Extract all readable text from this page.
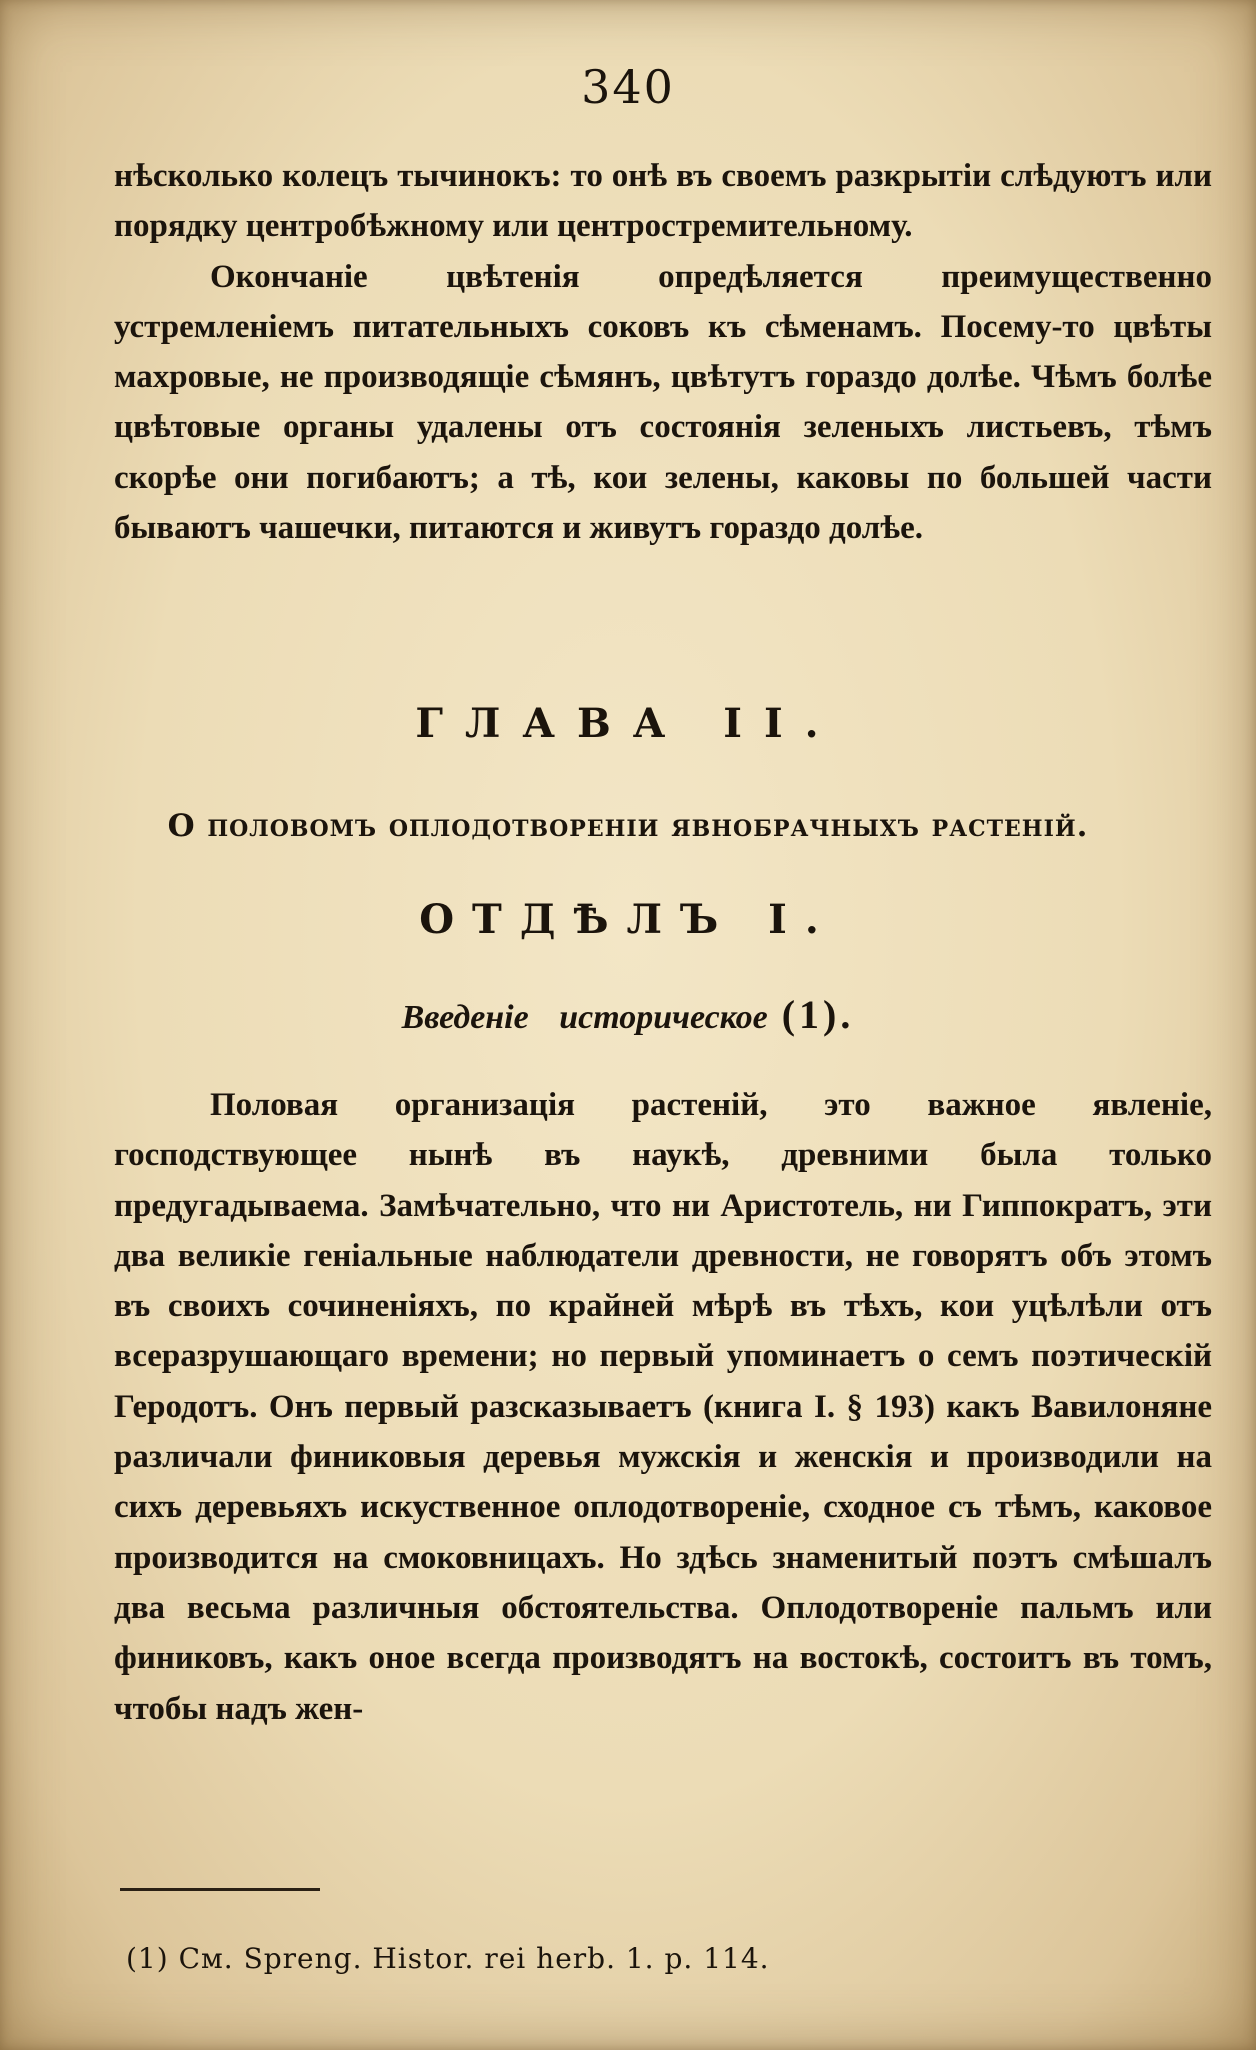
340

нѣсколько колецъ тычинокъ: то онѣ въ своемъ разкрытіи слѣдуютъ или порядку центробѣжному или центростремительному.

Окончаніе цвѣтенія опредѣляется преимущественно устремленіемъ питательныхъ соковъ къ сѣменамъ. Посему-то цвѣты махровые, не производящіе сѣмянъ, цвѣтутъ гораздо долѣе. Чѣмъ болѣе цвѣтовые органы удалены отъ состоянія зеленыхъ листьевъ, тѣмъ скорѣе они погибаютъ; а тѣ, кои зелены, каковы по большей части бываютъ чашечки, питаются и живутъ гораздо долѣе.

ГЛАВА II.
О половомъ оплодотвореніи явнобрачныхъ растеній.
ОТДѢЛЪ I.
Введеніе историческое (1).

Половая организація растеній, это важное явленіе, господствующее нынѣ въ наукѣ, древними была только предугадываема. Замѣчательно, что ни Аристотель, ни Гиппократъ, эти два великіе геніальные наблюдатели древности, не говорятъ объ этомъ въ своихъ сочиненіяхъ, по крайней мѣрѣ въ тѣхъ, кои уцѣлѣли отъ всеразрушающаго времени; но первый упоминаетъ о семъ поэтическій Геродотъ. Онъ первый разсказываетъ (книга I. § 193) какъ Вавилоняне различали финиковыя деревья мужскія и женскія и производили на сихъ деревьяхъ искуственное оплодотвореніе, сходное съ тѣмъ, каковое производится на смоковницахъ. Но здѣсь знаменитый поэтъ смѣшалъ два весьма различныя обстоятельства. Оплодотвореніе пальмъ или финиковъ, какъ оное всегда производятъ на востокѣ, состоитъ въ томъ, чтобы надъ жен-

(1) См. Spreng. Histor. rei herb. 1. p. 114.
